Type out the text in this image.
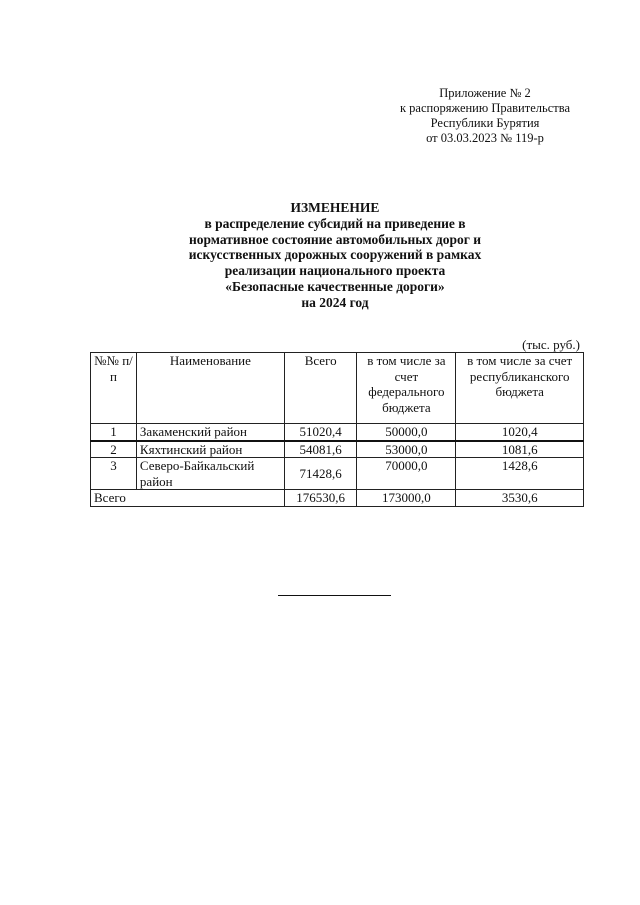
Приложение № 2
к распоряжению Правительства
Республики Бурятия
от 03.03.2023 № 119-р
ИЗМЕНЕНИЕ
в распределение субсидий на приведение в
нормативное состояние автомобильных дорог и
искусственных дорожных сооружений в рамках
реализации национального проекта
«Безопасные качественные дороги»
на 2024 год
(тыс. руб.)
№№ п/п	Наименование	Всего	в том числе за счет федерального бюджета	в том числе за счет республиканского бюджета
1	Закаменский район	51020,4	50000,0	1020,4
2	Кяхтинский район	54081,6	53000,0	1081,6
3	Северо-Байкальский район	71428,6	70000,0	1428,6
Всего		176530,6	173000,0	3530,6
